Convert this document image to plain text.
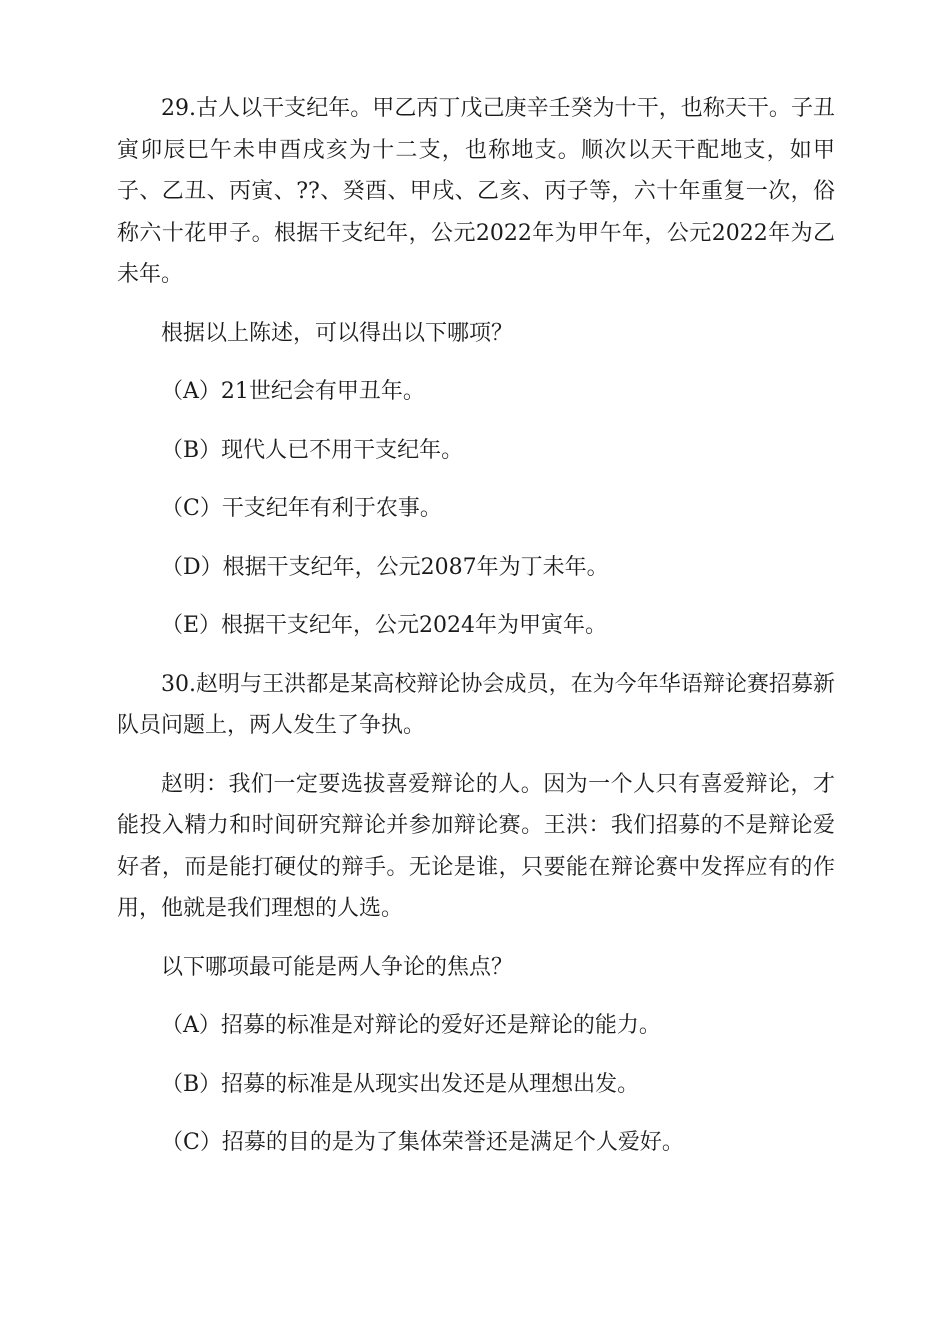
29.古人以干支纪年。甲乙丙丁戊己庚辛壬癸为十干，也称天干。子丑寅卯辰巳午未申酉戌亥为十二支，也称地支。顺次以天干配地支，如甲子、乙丑、丙寅、??、癸酉、甲戌、乙亥、丙子等，六十年重复一次，俗称六十花甲子。根据干支纪年，公元2022年为甲午年，公元2022年为乙未年。

根据以上陈述，可以得出以下哪项？

（A）21世纪会有甲丑年。

（B）现代人已不用干支纪年。

（C）干支纪年有利于农事。

（D）根据干支纪年，公元2087年为丁未年。

（E）根据干支纪年，公元2024年为甲寅年。

30.赵明与王洪都是某高校辩论协会成员，在为今年华语辩论赛招募新队员问题上，两人发生了争执。

赵明：我们一定要选拔喜爱辩论的人。因为一个人只有喜爱辩论，才能投入精力和时间研究辩论并参加辩论赛。王洪：我们招募的不是辩论爱好者，而是能打硬仗的辩手。无论是谁，只要能在辩论赛中发挥应有的作用，他就是我们理想的人选。

以下哪项最可能是两人争论的焦点？

（A）招募的标准是对辩论的爱好还是辩论的能力。

（B）招募的标准是从现实出发还是从理想出发。

（C）招募的目的是为了集体荣誉还是满足个人爱好。
